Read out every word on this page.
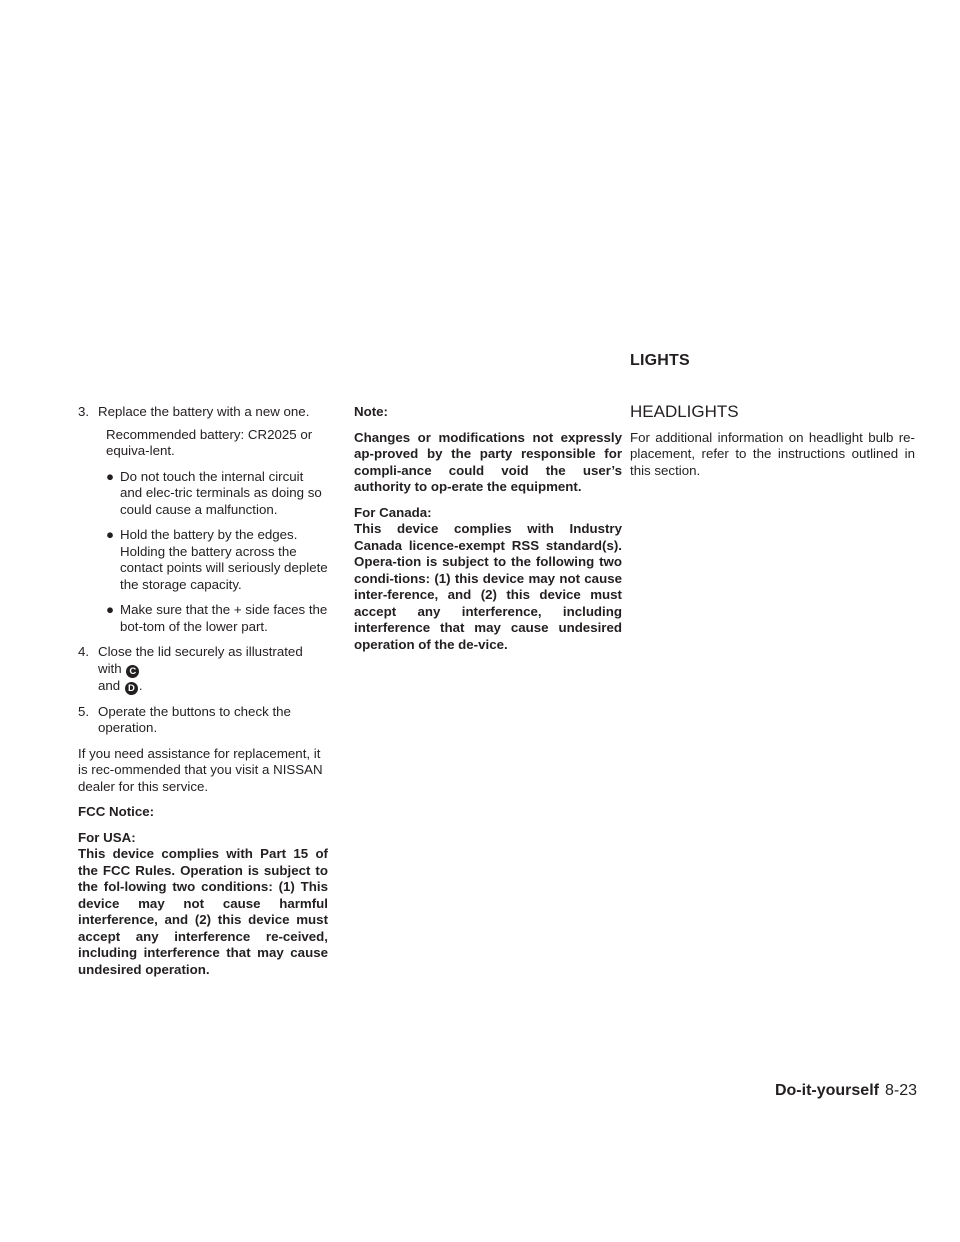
LIGHTS
3. Replace the battery with a new one.

Recommended battery: CR2025 or equiva-lent.

● Do not touch the internal circuit and elec-tric terminals as doing so could cause a malfunction.
● Hold the battery by the edges. Holding the battery across the contact points will seriously deplete the storage capacity.
● Make sure that the + side faces the bot-tom of the lower part.
4. Close the lid securely as illustrated with C
and D .
5. Operate the buttons to check the operation.

If you need assistance for replacement, it is rec-ommended that you visit a NISSAN dealer for this service.

FCC Notice:

For USA:

This device complies with Part 15 of the FCC Rules. Operation is subject to the fol-lowing two conditions: (1) This device may not cause harmful interference, and (2) this device must accept any interference re-ceived, including interference that may cause undesired operation.

Note:

Changes or modifications not expressly ap-proved by the party responsible for compli-ance could void the user’s authority to op-erate the equipment.

For Canada:

This device complies with Industry Canada licence-exempt RSS standard(s). Opera-tion is subject to the following two condi-tions: (1) this device may not cause inter-ference, and (2) this device must accept any interference, including interference that may cause undesired operation of the de-vice.

HEADLIGHTS

For additional information on headlight bulb re-placement, refer to the instructions outlined in this section.

Do-it-yourself 8-23
